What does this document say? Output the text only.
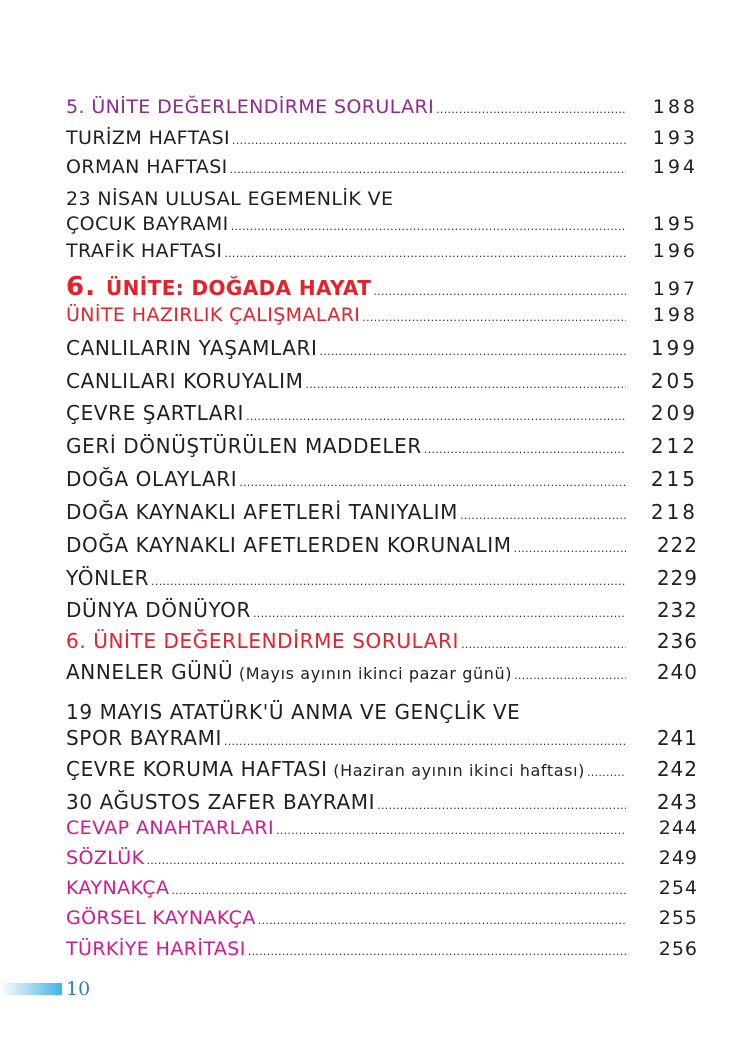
5. ÜNİTE DEĞERLENDİRME SORULARI .....	188
TURİZM HAFTASI .....	193
ORMAN HAFTASI .....	194
23 NİSAN ULUSAL EGEMENLİK VE
ÇOCUK BAYRAMI .....	195
TRAFİK HAFTASI .....	196
6. ÜNİTE: DOĞADA HAYAT .....	197
ÜNİTE HAZIRLIK ÇALIŞMALARI .....	198
CANLILARIN YAŞAMLARI .....	199
CANLILARI KORUYALIM .....	205
ÇEVRE ŞARTLARI .....	209
GERİ DÖNÜŞTÜRÜLEN MADDELER .....	212
DOĞA OLAYLARI .....	215
DOĞA KAYNAKLI AFETLERİ TANIYALIM .....	218
DOĞA KAYNAKLI AFETLERDEN KORUNALIM .....	222
YÖNLER .....	229
DÜNYA DÖNÜYOR .....	232
6. ÜNİTE DEĞERLENDİRME SORULARI .....	236
ANNELER GÜNÜ (Mayıs ayının ikinci pazar günü) .....	240
19 MAYIS ATATÜRK'Ü ANMA VE GENÇLİK VE
SPOR BAYRAMI .....	241
ÇEVRE KORUMA HAFTASI (Haziran ayının ikinci haftası) .....	242
30 AĞUSTOS ZAFER BAYRAMI .....	243
CEVAP ANAHTARLARI .....	244
SÖZLÜK .....	249
KAYNAKÇA .....	254
GÖRSEL KAYNAKÇA .....	255
TÜRKİYE HARİTASI .....	256
10
